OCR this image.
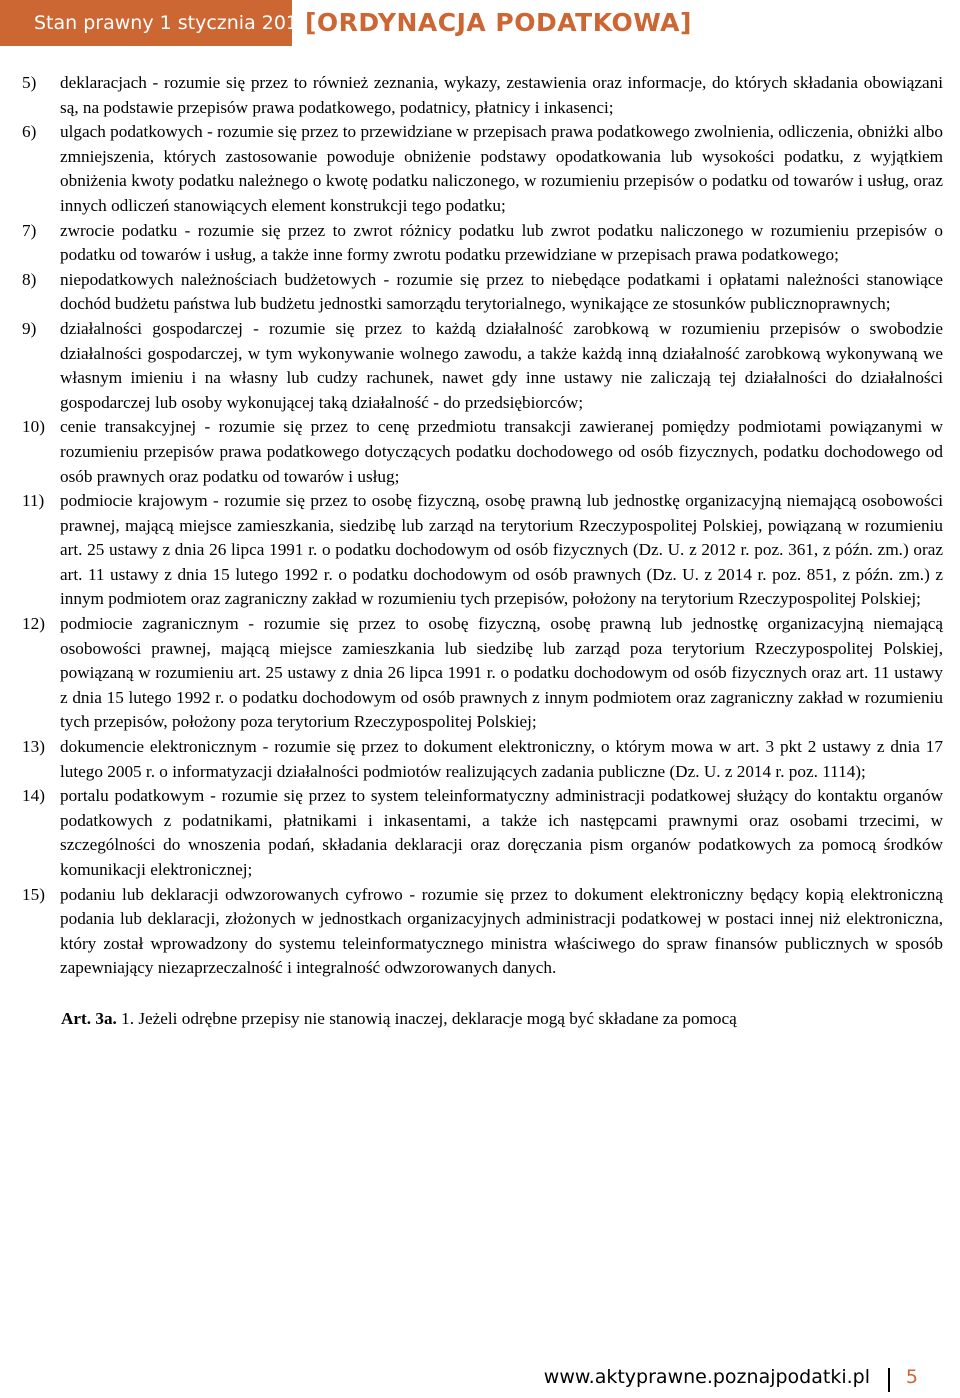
Stan prawny 1 stycznia 2016 r.
[ORDYNACJA PODATKOWA]
5) deklaracjach - rozumie się przez to również zeznania, wykazy, zestawienia oraz informacje, do których składania obowiązani są, na podstawie przepisów prawa podatkowego, podatnicy, płatnicy i inkasenci;
6) ulgach podatkowych - rozumie się przez to przewidziane w przepisach prawa podatkowego zwolnienia, odliczenia, obniżki albo zmniejszenia, których zastosowanie powoduje obniżenie podstawy opodatkowania lub wysokości podatku, z wyjątkiem obniżenia kwoty podatku należnego o kwotę podatku naliczonego, w rozumieniu przepisów o podatku od towarów i usług, oraz innych odliczeń stanowiących element konstrukcji tego podatku;
7) zwrocie podatku - rozumie się przez to zwrot różnicy podatku lub zwrot podatku naliczonego w rozumieniu przepisów o podatku od towarów i usług, a także inne formy zwrotu podatku przewidziane w przepisach prawa podatkowego;
8) niepodatkowych należnościach budżetowych - rozumie się przez to niebędące podatkami i opłatami należności stanowiące dochód budżetu państwa lub budżetu jednostki samorządu terytorialnego, wynikające ze stosunków publicznoprawnych;
9) działalności gospodarczej - rozumie się przez to każdą działalność zarobkową w rozumieniu przepisów o swobodzie działalności gospodarczej, w tym wykonywanie wolnego zawodu, a także każdą inną działalność zarobkową wykonywaną we własnym imieniu i na własny lub cudzy rachunek, nawet gdy inne ustawy nie zaliczają tej działalności do działalności gospodarczej lub osoby wykonującej taką działalność - do przedsiębiorców;
10) cenie transakcyjnej - rozumie się przez to cenę przedmiotu transakcji zawieranej pomiędzy podmiotami powiązanymi w rozumieniu przepisów prawa podatkowego dotyczących podatku dochodowego od osób fizycznych, podatku dochodowego od osób prawnych oraz podatku od towarów i usług;
11) podmiocie krajowym - rozumie się przez to osobę fizyczną, osobę prawną lub jednostkę organizacyjną niemającą osobowości prawnej, mającą miejsce zamieszkania, siedzibę lub zarząd na terytorium Rzeczypospolitej Polskiej, powiązaną w rozumieniu art. 25 ustawy z dnia 26 lipca 1991 r. o podatku dochodowym od osób fizycznych (Dz. U. z 2012 r. poz. 361, z późn. zm.) oraz art. 11 ustawy z dnia 15 lutego 1992 r. o podatku dochodowym od osób prawnych (Dz. U. z 2014 r. poz. 851, z późn. zm.) z innym podmiotem oraz zagraniczny zakład w rozumieniu tych przepisów, położony na terytorium Rzeczypospolitej Polskiej;
12) podmiocie zagranicznym - rozumie się przez to osobę fizyczną, osobę prawną lub jednostkę organizacyjną niemającą osobowości prawnej, mającą miejsce zamieszkania lub siedzibę lub zarząd poza terytorium Rzeczypospolitej Polskiej, powiązaną w rozumieniu art. 25 ustawy z dnia 26 lipca 1991 r. o podatku dochodowym od osób fizycznych oraz art. 11 ustawy z dnia 15 lutego 1992 r. o podatku dochodowym od osób prawnych z innym podmiotem oraz zagraniczny zakład w rozumieniu tych przepisów, położony poza terytorium Rzeczypospolitej Polskiej;
13) dokumencie elektronicznym - rozumie się przez to dokument elektroniczny, o którym mowa w art. 3 pkt 2 ustawy z dnia 17 lutego 2005 r. o informatyzacji działalności podmiotów realizujących zadania publiczne (Dz. U. z 2014 r. poz. 1114);
14) portalu podatkowym - rozumie się przez to system teleinformatyczny administracji podatkowej służący do kontaktu organów podatkowych z podatnikami, płatnikami i inkasentami, a także ich następcami prawnymi oraz osobami trzecimi, w szczególności do wnoszenia podań, składania deklaracji oraz doręczania pism organów podatkowych za pomocą środków komunikacji elektronicznej;
15) podaniu lub deklaracji odwzorowanych cyfrowo - rozumie się przez to dokument elektroniczny będący kopią elektroniczną podania lub deklaracji, złożonych w jednostkach organizacyjnych administracji podatkowej w postaci innej niż elektroniczna, który został wprowadzony do systemu teleinformatycznego ministra właściwego do spraw finansów publicznych w sposób zapewniający niezaprzeczalność i integralność odwzorowanych danych.
Art. 3a. 1. Jeżeli odrębne przepisy nie stanowią inaczej, deklaracje mogą być składane za pomocą
www.aktyprawne.poznajpodatki.pl 5
